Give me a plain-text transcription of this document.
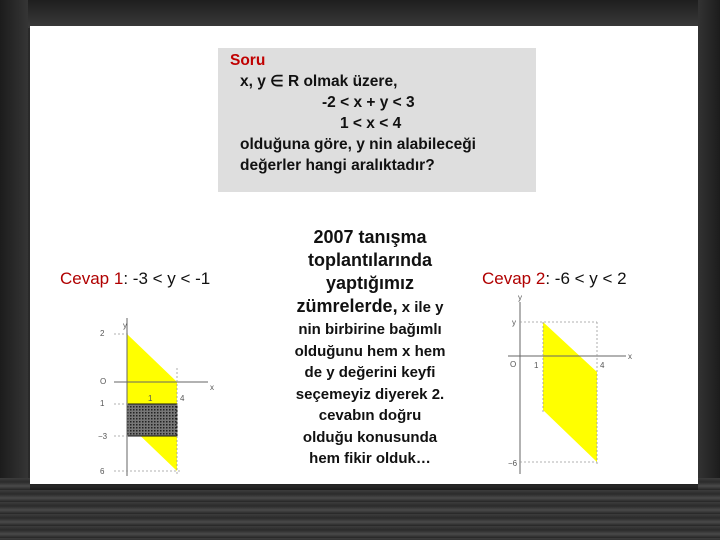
Soru
x, y ∈ R olmak üzere,
-2 < x + y < 3
1 < x < 4
olduğuna göre, y nin alabileceği
değerler hangi aralıktadır?
Cevap 1: -3 < y < -1	Cevap 2: -6 < y < 2
2007 tanışma
toplantılarında
yaptığımız
zümrelerde, x ile y
nin birbirine bağımlı
olduğunu hem x hem
de y değerini keyfi
seçemeyiz diyerek 2.
cevabın doğru
olduğu konusunda
hem fikir olduk…
y
2
O
x
1
1	4
−3
6
y
y
O
x
1	4
−6
